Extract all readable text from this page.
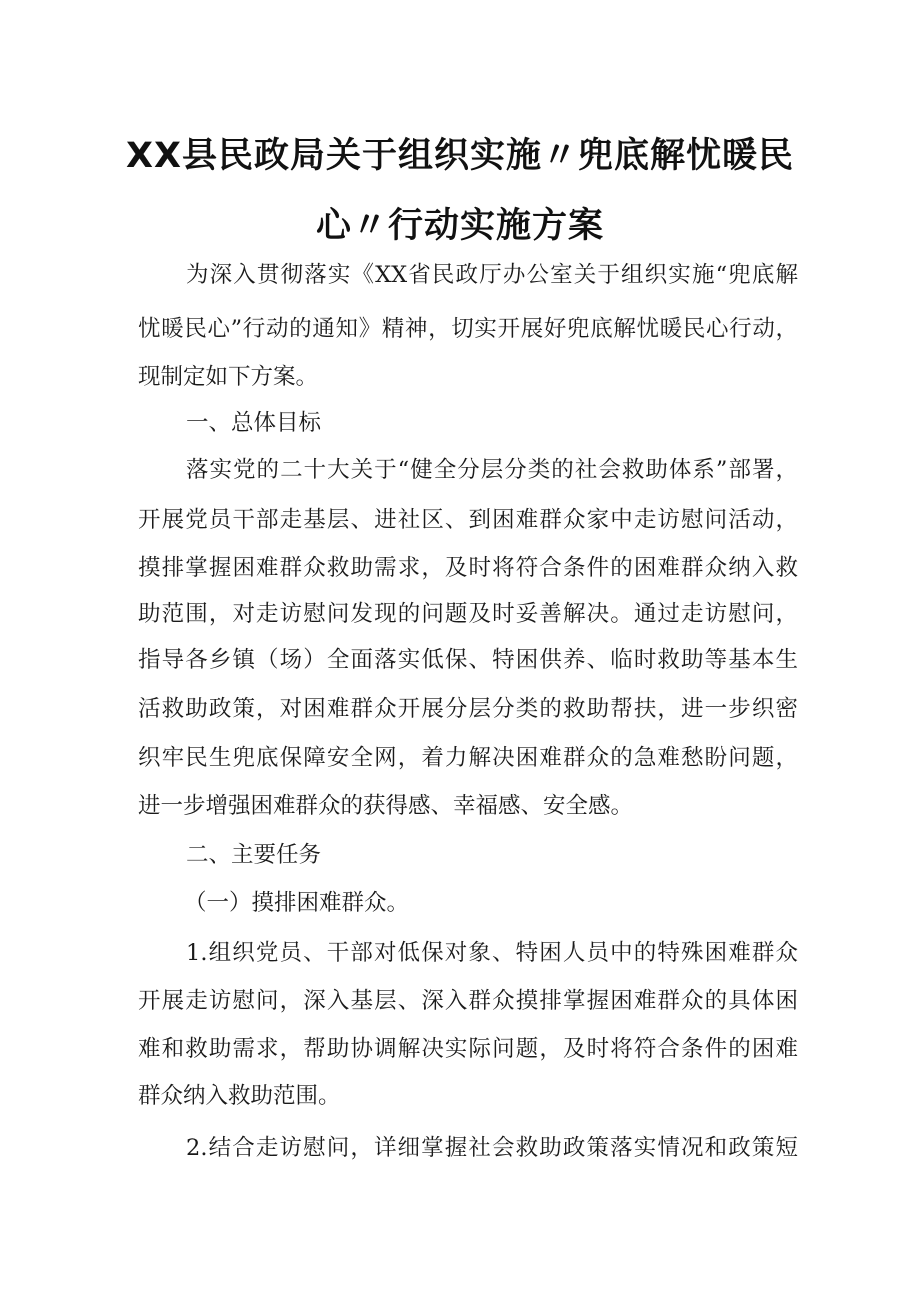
XX县民政局关于组织实施〃兜底解忧暖民
心〃行动实施方案
为深入贯彻落实《XX省民政厅办公室关于组织实施“兜底解
忧暖民心”行动的通知》精神，切实开展好兜底解忧暖民心行动，
现制定如下方案。
一、总体目标
落实党的二十大关于“健全分层分类的社会救助体系”部署，
开展党员干部走基层、进社区、到困难群众家中走访慰问活动，
摸排掌握困难群众救助需求，及时将符合条件的困难群众纳入救
助范围，对走访慰问发现的问题及时妥善解决。通过走访慰问，
指导各乡镇（场）全面落实低保、特困供养、临时救助等基本生
活救助政策，对困难群众开展分层分类的救助帮扶，进一步织密
织牢民生兜底保障安全网，着力解决困难群众的急难愁盼问题，
进一步增强困难群众的获得感、幸福感、安全感。
二、主要任务
（一）摸排困难群众。
1.组织党员、干部对低保对象、特困人员中的特殊困难群众
开展走访慰问，深入基层、深入群众摸排掌握困难群众的具体困
难和救助需求，帮助协调解决实际问题，及时将符合条件的困难
群众纳入救助范围。
2.结合走访慰问，详细掌握社会救助政策落实情况和政策短
